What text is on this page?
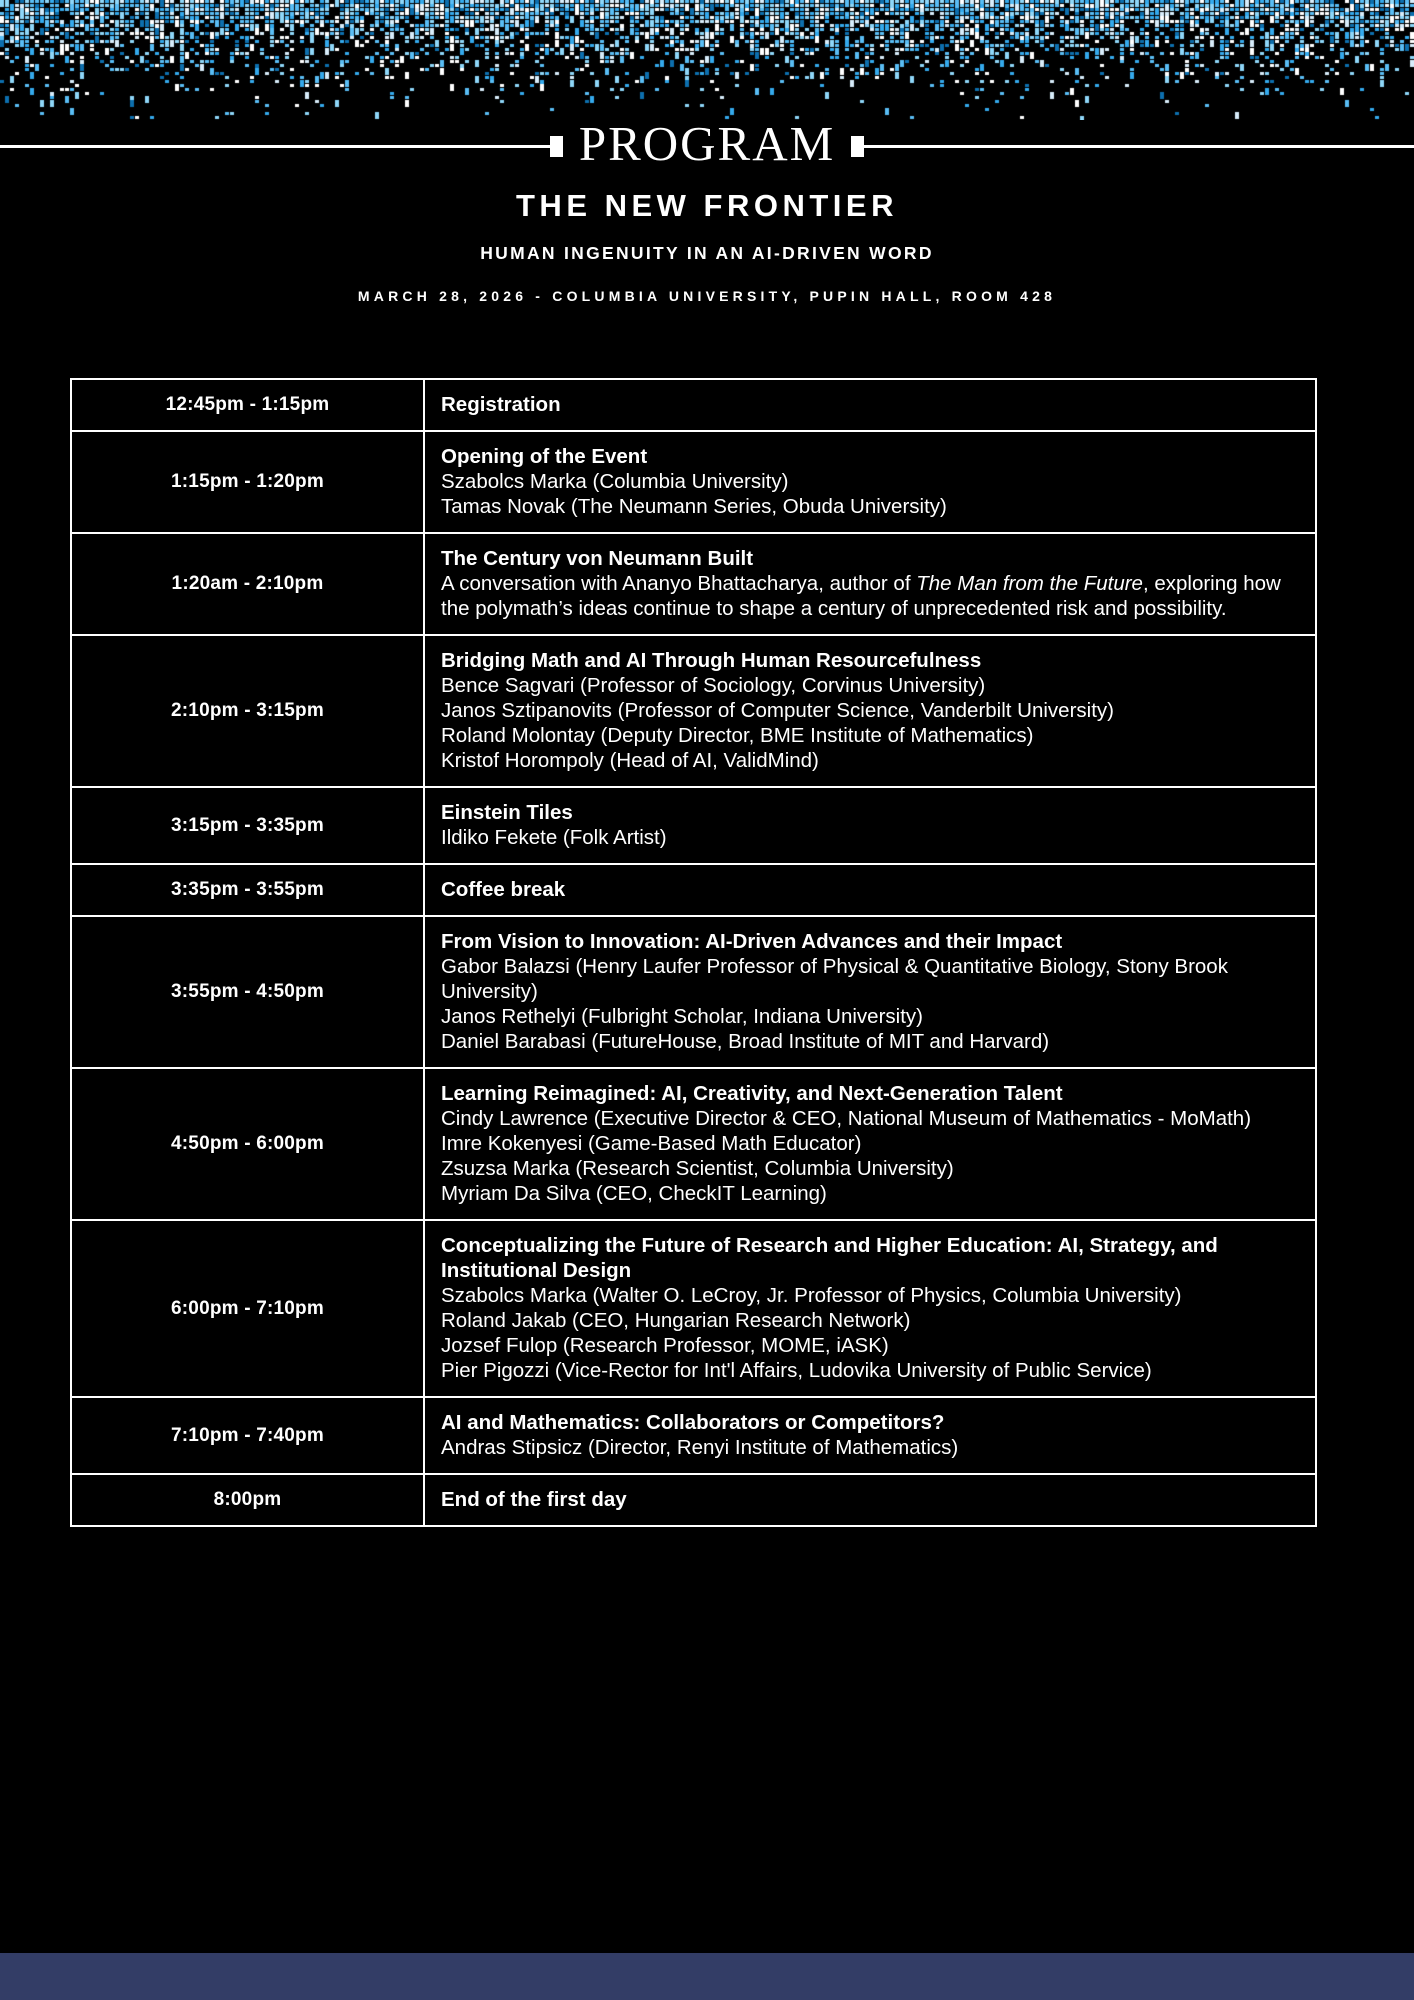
PROGRAM
THE NEW FRONTIER
HUMAN INGENUITY IN AN AI-DRIVEN WORD
MARCH 28, 2026 - COLUMBIA UNIVERSITY, PUPIN HALL, ROOM 428
12:45pm - 1:15pm	Registration

1:15pm - 1:20pm	Opening of the Event
Szabolcs Marka (Columbia University)
Tamas Novak (The Neumann Series, Obuda University)

1:20am - 2:10pm	The Century von Neumann Built
A conversation with Ananyo Bhattacharya, author of The Man from the Future, exploring how the polymath’s ideas continue to shape a century of unprecedented risk and possibility.

2:10pm - 3:15pm	Bridging Math and AI Through Human Resourcefulness
Bence Sagvari (Professor of Sociology, Corvinus University)
Janos Sztipanovits (Professor of Computer Science, Vanderbilt University)
Roland Molontay (Deputy Director, BME Institute of Mathematics)
Kristof Horompoly (Head of AI, ValidMind)

3:15pm - 3:35pm	Einstein Tiles
Ildiko Fekete (Folk Artist)

3:35pm - 3:55pm	Coffee break

3:55pm - 4:50pm	From Vision to Innovation: AI-Driven Advances and their Impact
Gabor Balazsi (Henry Laufer Professor of Physical & Quantitative Biology, Stony Brook University)
Janos Rethelyi (Fulbright Scholar, Indiana University)
Daniel Barabasi (FutureHouse, Broad Institute of MIT and Harvard)

4:50pm - 6:00pm	Learning Reimagined: AI, Creativity, and Next-Generation Talent
Cindy Lawrence (Executive Director & CEO, National Museum of Mathematics - MoMath)
Imre Kokenyesi (Game-Based Math Educator)
Zsuzsa Marka (Research Scientist, Columbia University)
Myriam Da Silva (CEO, CheckIT Learning)

6:00pm - 7:10pm	Conceptualizing the Future of Research and Higher Education: AI, Strategy, and Institutional Design
Szabolcs Marka (Walter O. LeCroy, Jr. Professor of Physics, Columbia University)
Roland Jakab (CEO, Hungarian Research Network)
Jozsef Fulop (Research Professor, MOME, iASK)
Pier Pigozzi (Vice-Rector for Int'l Affairs, Ludovika University of Public Service)

7:10pm - 7:40pm	AI and Mathematics: Collaborators or Competitors?
Andras Stipsicz (Director, Renyi Institute of Mathematics)

8:00pm	End of the first day
